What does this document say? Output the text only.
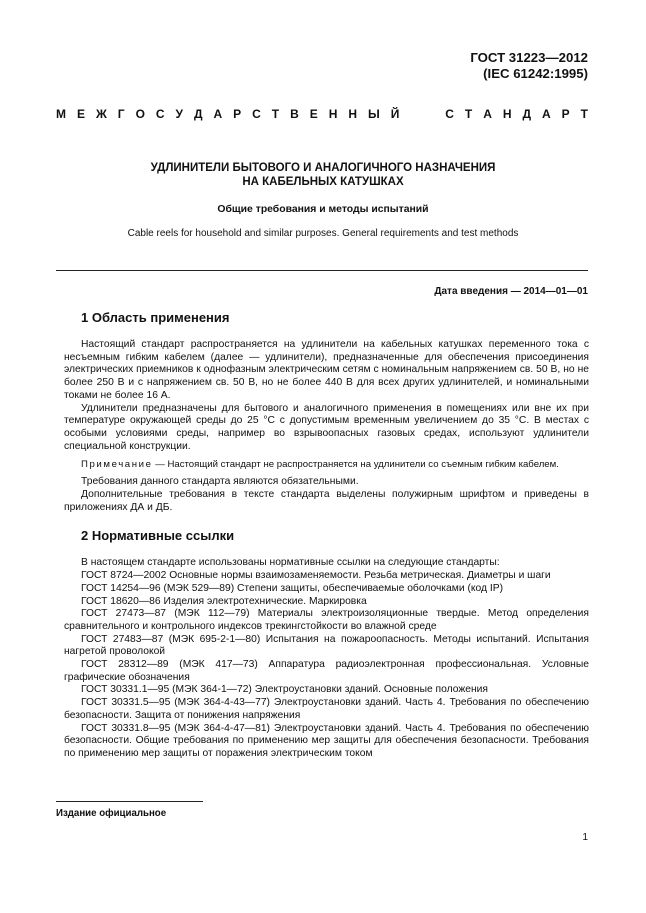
ГОСТ 31223—2012
(IEC 61242:1995)
М Е Ж Г О С У Д А Р С Т В Е Н Н Ы Й	С Т А Н Д А Р Т
УДЛИНИТЕЛИ БЫТОВОГО И АНАЛОГИЧНОГО НАЗНАЧЕНИЯ
НА КАБЕЛЬНЫХ КАТУШКАХ
Общие требования и методы испытаний
Cable reels for household and similar purposes. General requirements and test methods
Дата введения — 2014—01—01
1 Область применения

Настоящий стандарт распространяется на удлинители на кабельных катушках переменного тока с несъемным гибким кабелем (далее — удлинители), предназначенные для обеспечения присоединения электрических приемников к однофазным электрическим сетям с номинальным напряжением св. 50 В, но не более 250 В и с напряжением св. 50 В, но не более 440 В для всех других удлинителей, и номинальными токами не более 16 А.

Удлинители предназначены для бытового и аналогичного применения в помещениях или вне их при температуре окружающей среды до 25 °С с допустимым временным увеличением до 35 °С. В местах с особыми условиями среды, например во взрывоопасных газовых средах, используют удлинители специальной конструкции.

Примечание — Настоящий стандарт не распространяется на удлинители со съемным гибким кабелем.

Требования данного стандарта являются обязательными.

Дополнительные требования в тексте стандарта выделены полужирным шрифтом и приведены в приложениях ДА и ДБ.

2 Нормативные ссылки

В настоящем стандарте использованы нормативные ссылки на следующие стандарты:

ГОСТ 8724—2002 Основные нормы взаимозаменяемости. Резьба метрическая. Диаметры и шаги

ГОСТ 14254—96 (МЭК 529—89) Степени защиты, обеспечиваемые оболочками (код IP)

ГОСТ 18620—86 Изделия электротехнические. Маркировка

ГОСТ 27473—87 (МЭК 112—79) Материалы электроизоляционные твердые. Метод определения сравнительного и контрольного индексов трекингстойкости во влажной среде

ГОСТ 27483—87 (МЭК 695-2-1—80) Испытания на пожароопасность. Методы испытаний. Испытания нагретой проволокой

ГОСТ 28312—89 (МЭК 417—73) Аппаратура радиоэлектронная профессиональная. Условные графические обозначения

ГОСТ 30331.1—95 (МЭК 364-1—72) Электроустановки зданий. Основные положения

ГОСТ 30331.5—95 (МЭК 364-4-43—77) Электроустановки зданий. Часть 4. Требования по обеспечению безопасности. Защита от понижения напряжения

ГОСТ 30331.8—95 (МЭК 364-4-47—81) Электроустановки зданий. Часть 4. Требования по обеспечению безопасности. Общие требования по применению мер защиты для обеспечения безопасности. Требования по применению мер защиты от поражения электрическим током

Издание официальное
1
